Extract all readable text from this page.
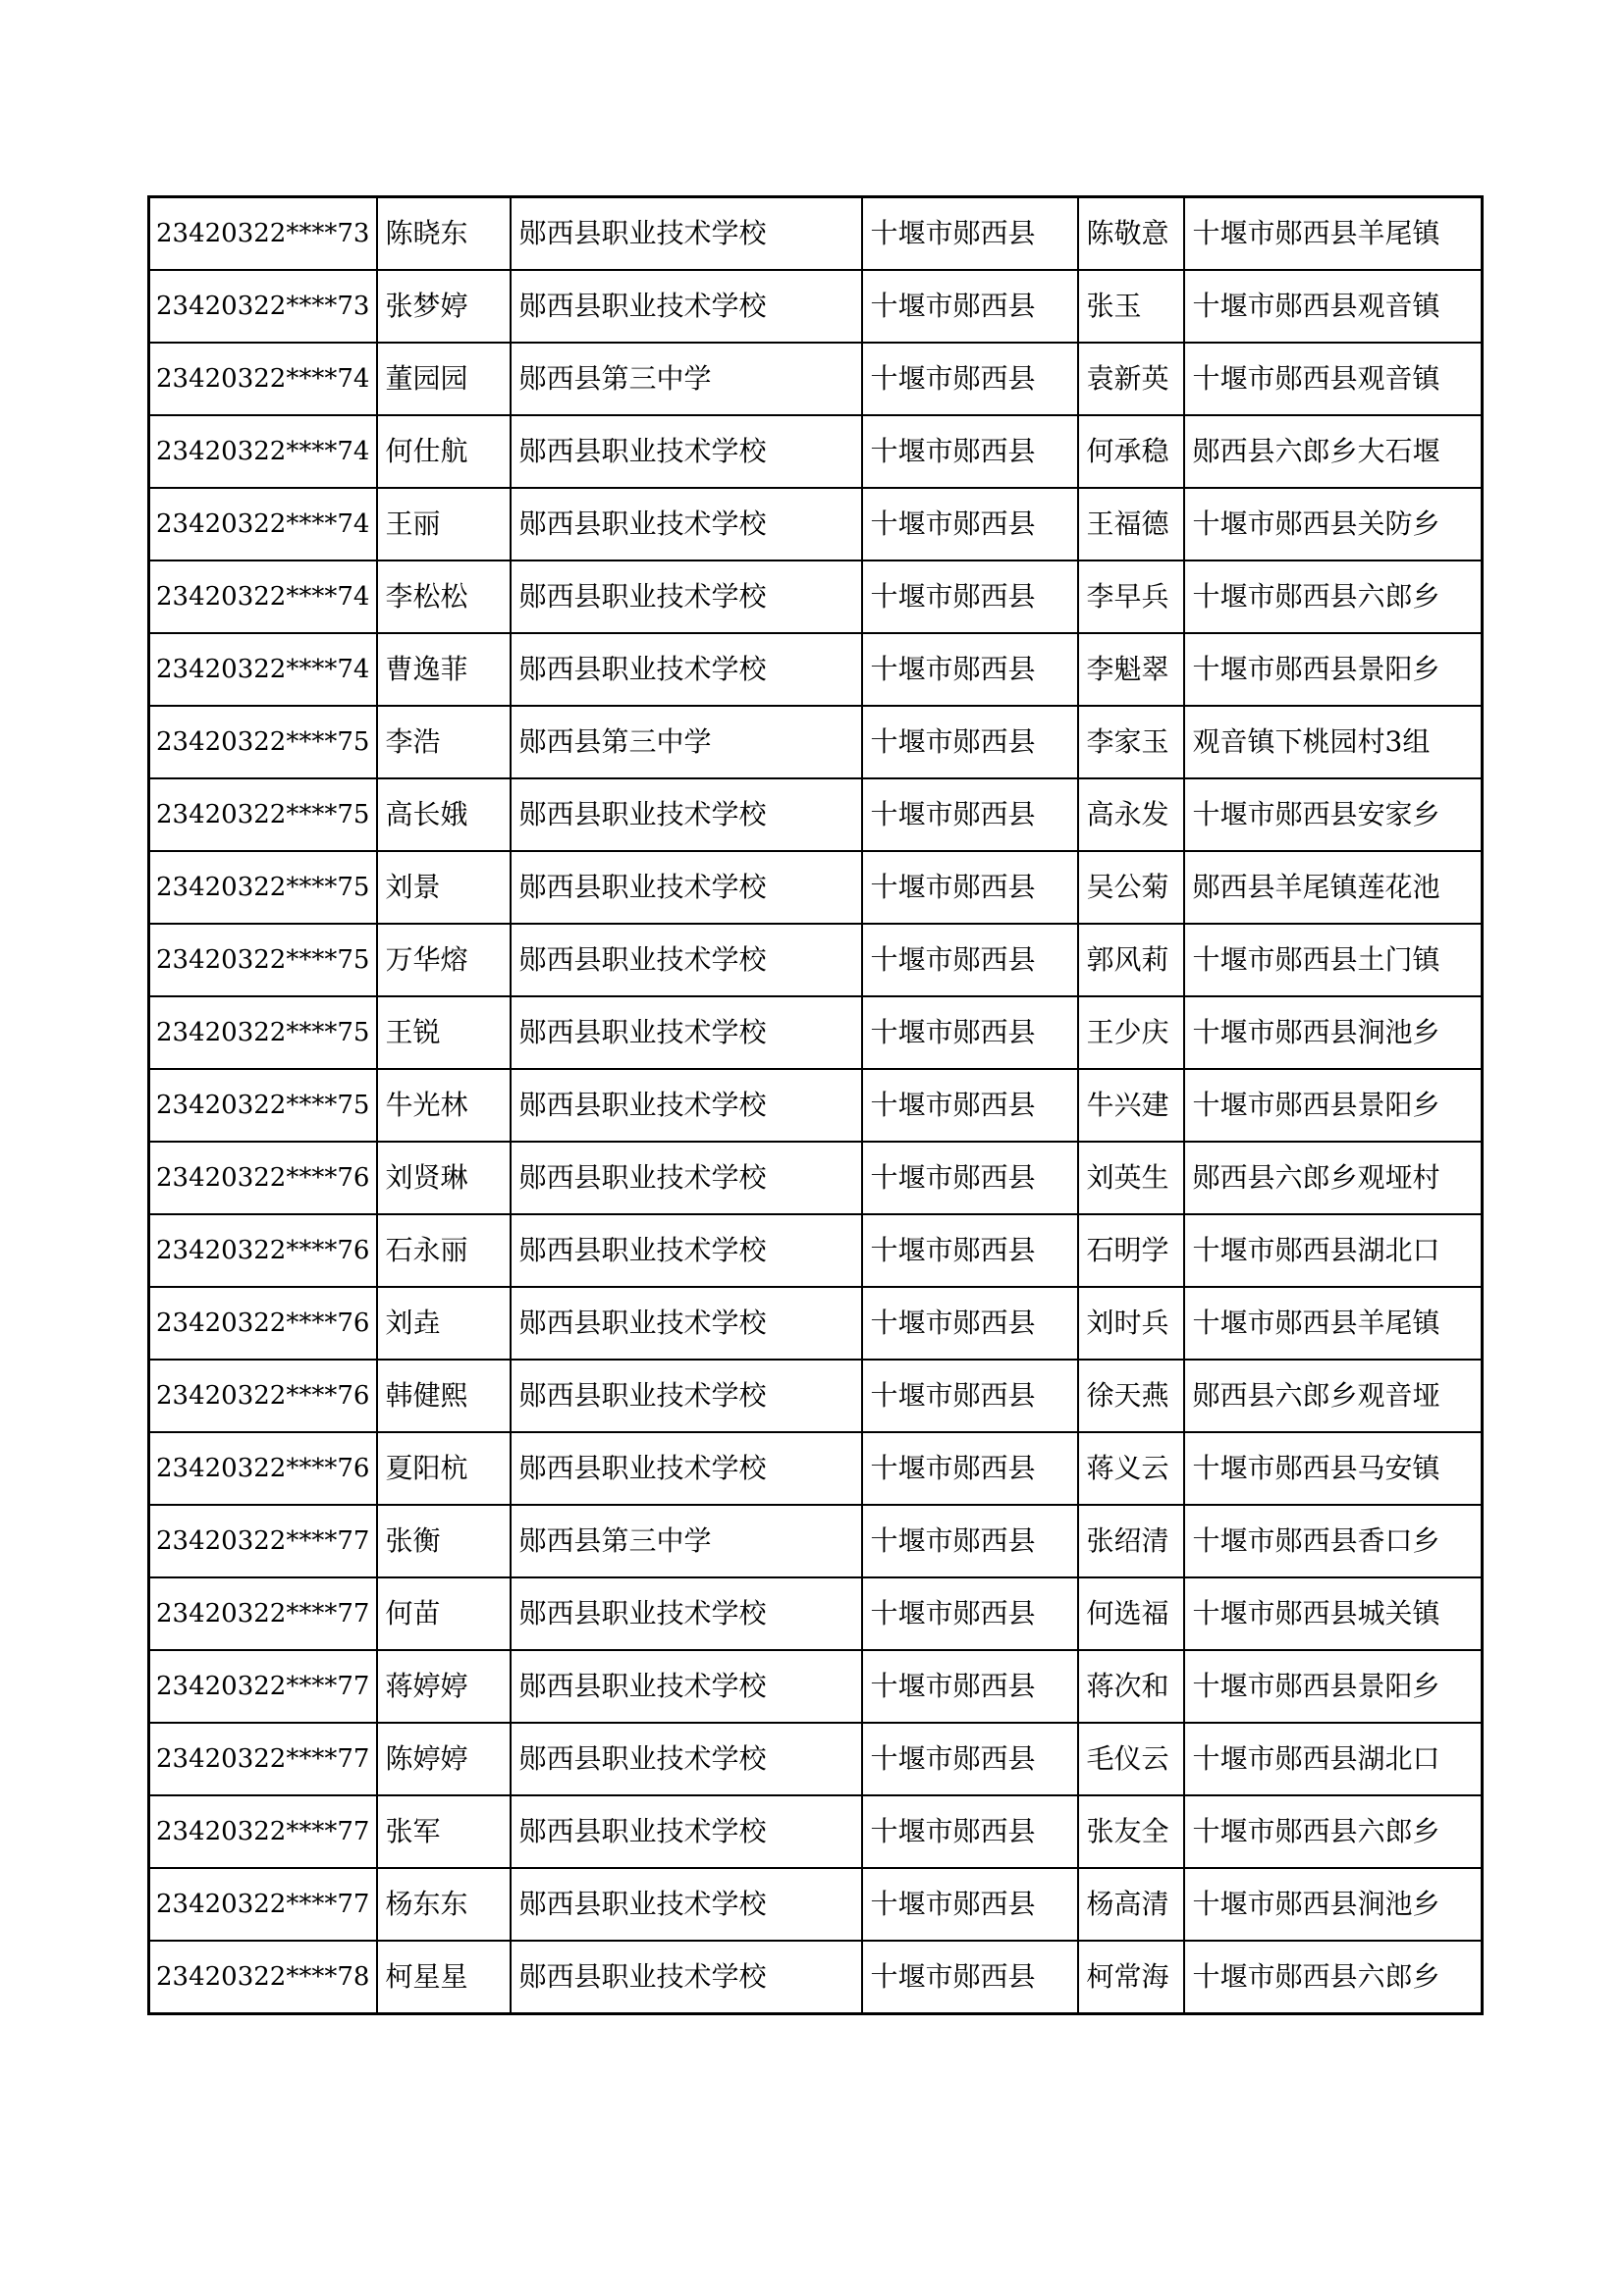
23420322****73	陈晓东	郧西县职业技术学校	十堰市郧西县	陈敬意	十堰市郧西县羊尾镇
23420322****73	张梦婷	郧西县职业技术学校	十堰市郧西县	张玉	十堰市郧西县观音镇
23420322****74	董园园	郧西县第三中学	十堰市郧西县	袁新英	十堰市郧西县观音镇
23420322****74	何仕航	郧西县职业技术学校	十堰市郧西县	何承稳	郧西县六郎乡大石堰
23420322****74	王丽	郧西县职业技术学校	十堰市郧西县	王福德	十堰市郧西县关防乡
23420322****74	李松松	郧西县职业技术学校	十堰市郧西县	李早兵	十堰市郧西县六郎乡
23420322****74	曹逸菲	郧西县职业技术学校	十堰市郧西县	李魁翠	十堰市郧西县景阳乡
23420322****75	李浩	郧西县第三中学	十堰市郧西县	李家玉	观音镇下桃园村3组
23420322****75	高长娥	郧西县职业技术学校	十堰市郧西县	高永发	十堰市郧西县安家乡
23420322****75	刘景	郧西县职业技术学校	十堰市郧西县	吴公菊	郧西县羊尾镇莲花池
23420322****75	万华熔	郧西县职业技术学校	十堰市郧西县	郭风莉	十堰市郧西县土门镇
23420322****75	王锐	郧西县职业技术学校	十堰市郧西县	王少庆	十堰市郧西县涧池乡
23420322****75	牛光林	郧西县职业技术学校	十堰市郧西县	牛兴建	十堰市郧西县景阳乡
23420322****76	刘贤琳	郧西县职业技术学校	十堰市郧西县	刘英生	郧西县六郎乡观垭村
23420322****76	石永丽	郧西县职业技术学校	十堰市郧西县	石明学	十堰市郧西县湖北口
23420322****76	刘垚	郧西县职业技术学校	十堰市郧西县	刘时兵	十堰市郧西县羊尾镇
23420322****76	韩健熙	郧西县职业技术学校	十堰市郧西县	徐天燕	郧西县六郎乡观音垭
23420322****76	夏阳杭	郧西县职业技术学校	十堰市郧西县	蒋义云	十堰市郧西县马安镇
23420322****77	张衡	郧西县第三中学	十堰市郧西县	张绍清	十堰市郧西县香口乡
23420322****77	何苗	郧西县职业技术学校	十堰市郧西县	何选福	十堰市郧西县城关镇
23420322****77	蒋婷婷	郧西县职业技术学校	十堰市郧西县	蒋次和	十堰市郧西县景阳乡
23420322****77	陈婷婷	郧西县职业技术学校	十堰市郧西县	毛仪云	十堰市郧西县湖北口
23420322****77	张军	郧西县职业技术学校	十堰市郧西县	张友全	十堰市郧西县六郎乡
23420322****77	杨东东	郧西县职业技术学校	十堰市郧西县	杨高清	十堰市郧西县涧池乡
23420322****78	柯星星	郧西县职业技术学校	十堰市郧西县	柯常海	十堰市郧西县六郎乡
